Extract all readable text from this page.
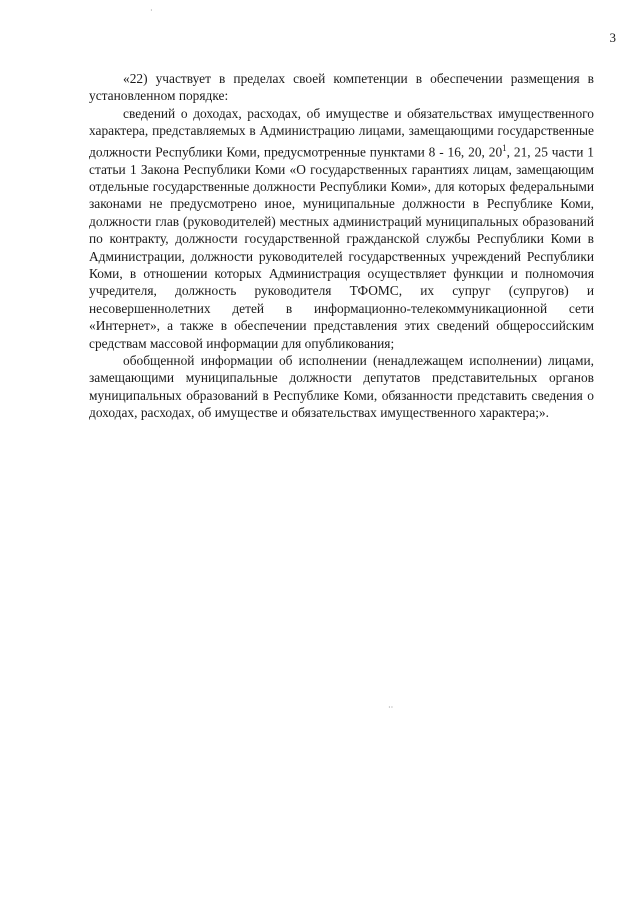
·
3

«22) участвует в пределах своей компетенции в обеспечении размещения в установленном порядке:

сведений о доходах, расходах, об имуществе и обязательствах имущественного характера, представляемых в Администрацию лицами, замещающими государственные должности Республики Коми, предусмотренные пунктами 8 - 16, 20, $20^1$, 21, 25 части 1 статьи 1 Закона Республики Коми «О государственных гарантиях лицам, замещающим отдельные государственные должности Республики Коми», для которых федеральными законами не предусмотрено иное, муниципальные должности в Республике Коми, должности глав (руководителей) местных администраций муниципальных образований по контракту, должности государственной гражданской службы Республики Коми в Администрации, должности руководителей государственных учреждений Республики Коми, в отношении которых Администрация осуществляет функции и полномочия учредителя, должность руководителя ТФОМС, их супруг (супругов) и несовершеннолетних детей в информационно-телекоммуникационной сети «Интернет», а также в обеспечении представления этих сведений общероссийским средствам массовой информации для опубликования;

обобщенной информации об исполнении (ненадлежащем исполнении) лицами, замещающими муниципальные должности депутатов представительных органов муниципальных образований в Республике Коми, обязанности представить сведения о доходах, расходах, об имуществе и обязательствах имущественного характера;».

··
